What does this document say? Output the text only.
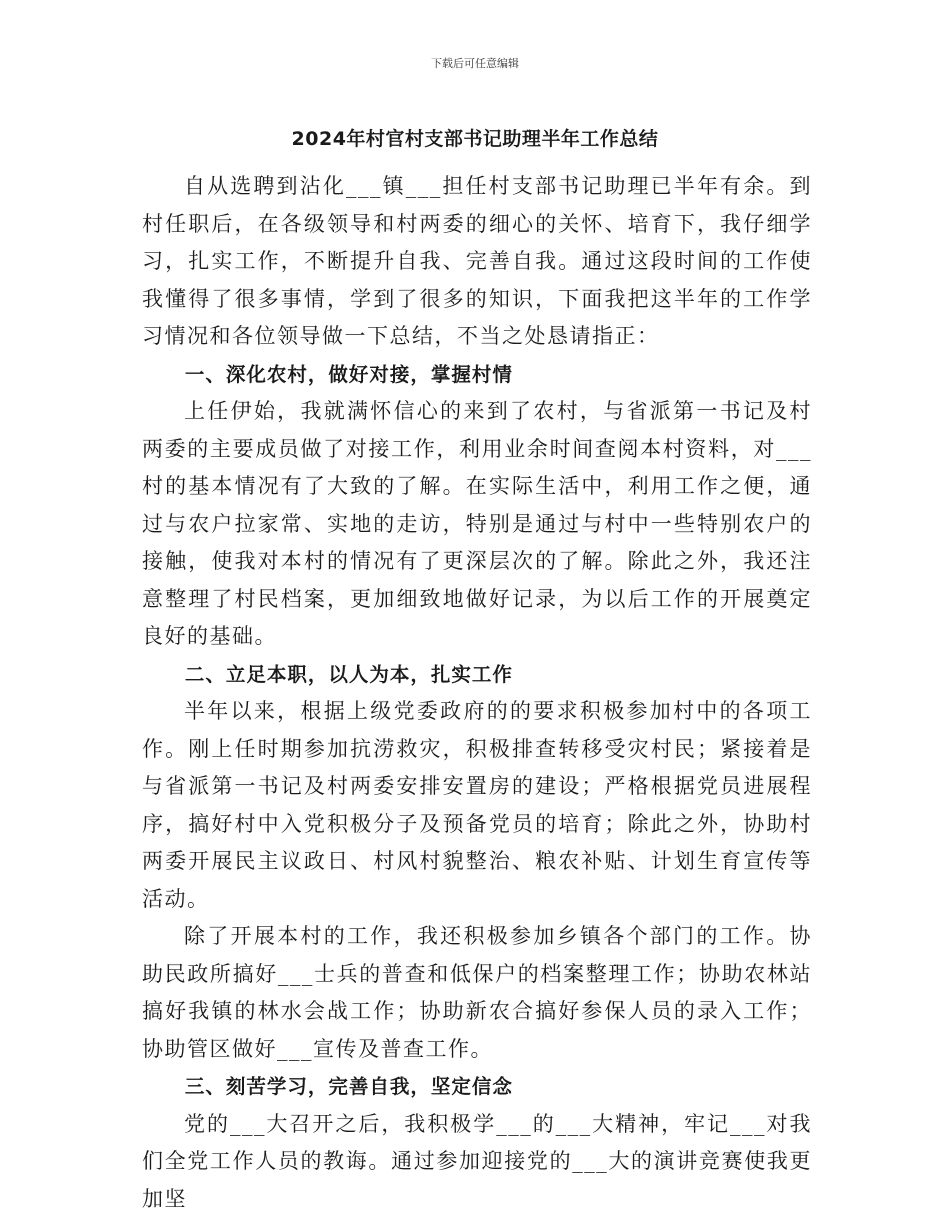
下载后可任意编辑
2024年村官村支部书记助理半年工作总结

自从选聘到沾化___镇___担任村支部书记助理已半年有余。到村任职后，在各级领导和村两委的细心的关怀、培育下，我仔细学习，扎实工作，不断提升自我、完善自我。通过这段时间的工作使我懂得了很多事情，学到了很多的知识，下面我把这半年的工作学习情况和各位领导做一下总结，不当之处恳请指正：

一、深化农村，做好对接，掌握村情

上任伊始，我就满怀信心的来到了农村，与省派第一书记及村两委的主要成员做了对接工作，利用业余时间查阅本村资料，对___村的基本情况有了大致的了解。在实际生活中，利用工作之便，通过与农户拉家常、实地的走访，特别是通过与村中一些特别农户的接触，使我对本村的情况有了更深层次的了解。除此之外，我还注意整理了村民档案，更加细致地做好记录，为以后工作的开展奠定良好的基础。

二、立足本职，以人为本，扎实工作

半年以来，根据上级党委政府的的要求积极参加村中的各项工作。刚上任时期参加抗涝救灾，积极排查转移受灾村民；紧接着是与省派第一书记及村两委安排安置房的建设；严格根据党员进展程序，搞好村中入党积极分子及预备党员的培育；除此之外，协助村两委开展民主议政日、村风村貌整治、粮农补贴、计划生育宣传等活动。

除了开展本村的工作，我还积极参加乡镇各个部门的工作。协助民政所搞好___士兵的普查和低保户的档案整理工作；协助农林站搞好我镇的林水会战工作；协助新农合搞好参保人员的录入工作；协助管区做好___宣传及普查工作。

三、刻苦学习，完善自我，坚定信念

党的___大召开之后，我积极学___的___大精神，牢记___对我们全党工作人员的教诲。通过参加迎接党的___大的演讲竞赛使我更加坚
